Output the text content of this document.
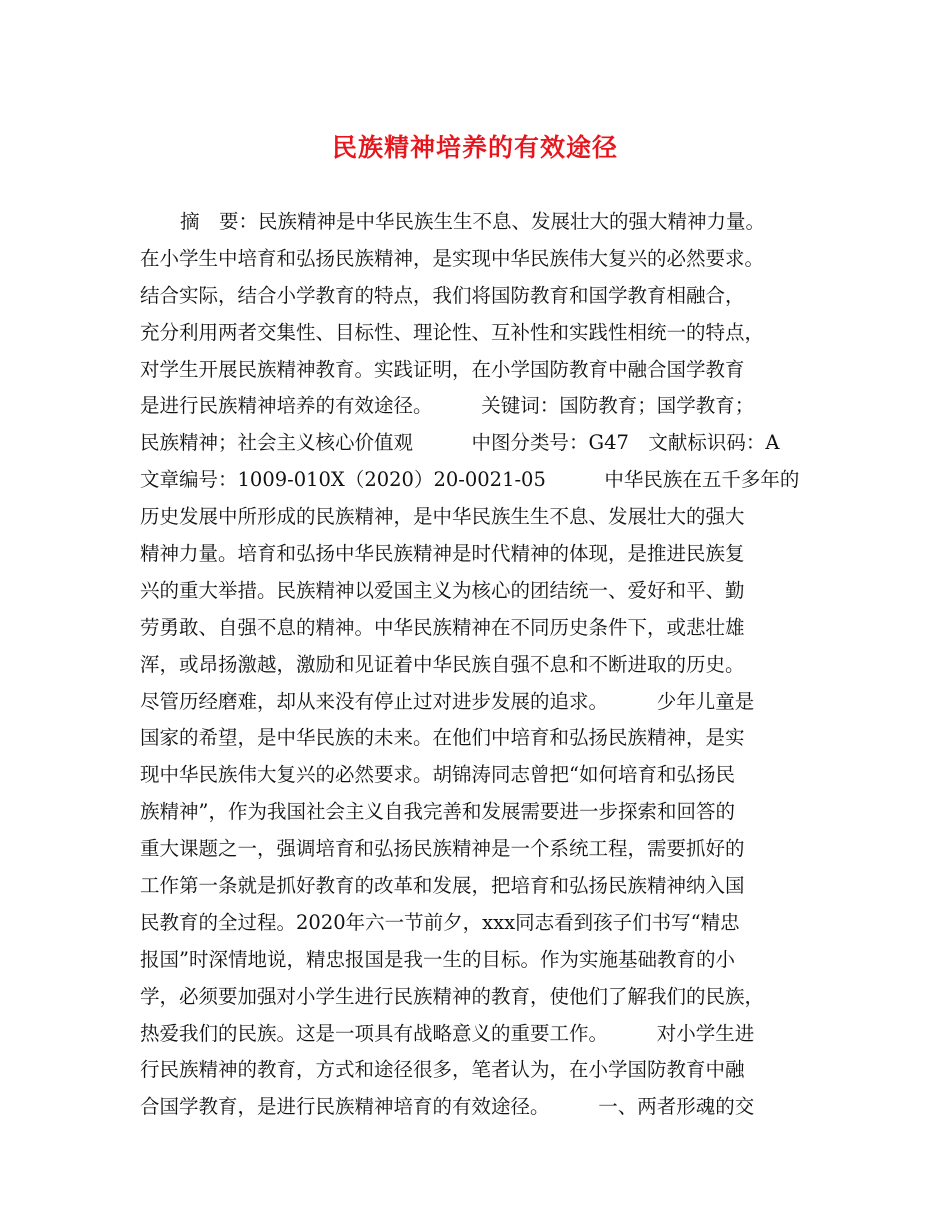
民族精神培养的有效途径
摘　要：民族精神是中华民族生生不息、发展壮大的强大精神力量。
在小学生中培育和弘扬民族精神，是实现中华民族伟大复兴的必然要求。
结合实际，结合小学教育的特点，我们将国防教育和国学教育相融合，
充分利用两者交集性、目标性、理论性、互补性和实践性相统一的特点，
对学生开展民族精神教育。实践证明，在小学国防教育中融合国学教育
是进行民族精神培养的有效途径。　　　关键词：国防教育；国学教育；
民族精神；社会主义核心价值观　　　中图分类号：G47　文献标识码：A
文章编号：1009-010X（2020）20-0021-05　　　中华民族在五千多年的
历史发展中所形成的民族精神，是中华民族生生不息、发展壮大的强大
精神力量。培育和弘扬中华民族精神是时代精神的体现，是推进民族复
兴的重大举措。民族精神以爱国主义为核心的团结统一、爱好和平、勤
劳勇敢、自强不息的精神。中华民族精神在不同历史条件下，或悲壮雄
浑，或昂扬激越，激励和见证着中华民族自强不息和不断进取的历史。
尽管历经磨难，却从来没有停止过对进步发展的追求。　　　少年儿童是
国家的希望，是中华民族的未来。在他们中培育和弘扬民族精神，是实
现中华民族伟大复兴的必然要求。胡锦涛同志曾把“如何培育和弘扬民
族精神”，作为我国社会主义自我完善和发展需要进一步探索和回答的
重大课题之一，强调培育和弘扬民族精神是一个系统工程，需要抓好的
工作第一条就是抓好教育的改革和发展，把培育和弘扬民族精神纳入国
民教育的全过程。2020年六一节前夕，xxx同志看到孩子们书写“精忠
报国”时深情地说，精忠报国是我一生的目标。作为实施基础教育的小
学，必须要加强对小学生进行民族精神的教育，使他们了解我们的民族，
热爱我们的民族。这是一项具有战略意义的重要工作。　　　对小学生进
行民族精神的教育，方式和途径很多，笔者认为，在小学国防教育中融
合国学教育，是进行民族精神培育的有效途径。　　　一、两者形魂的交
